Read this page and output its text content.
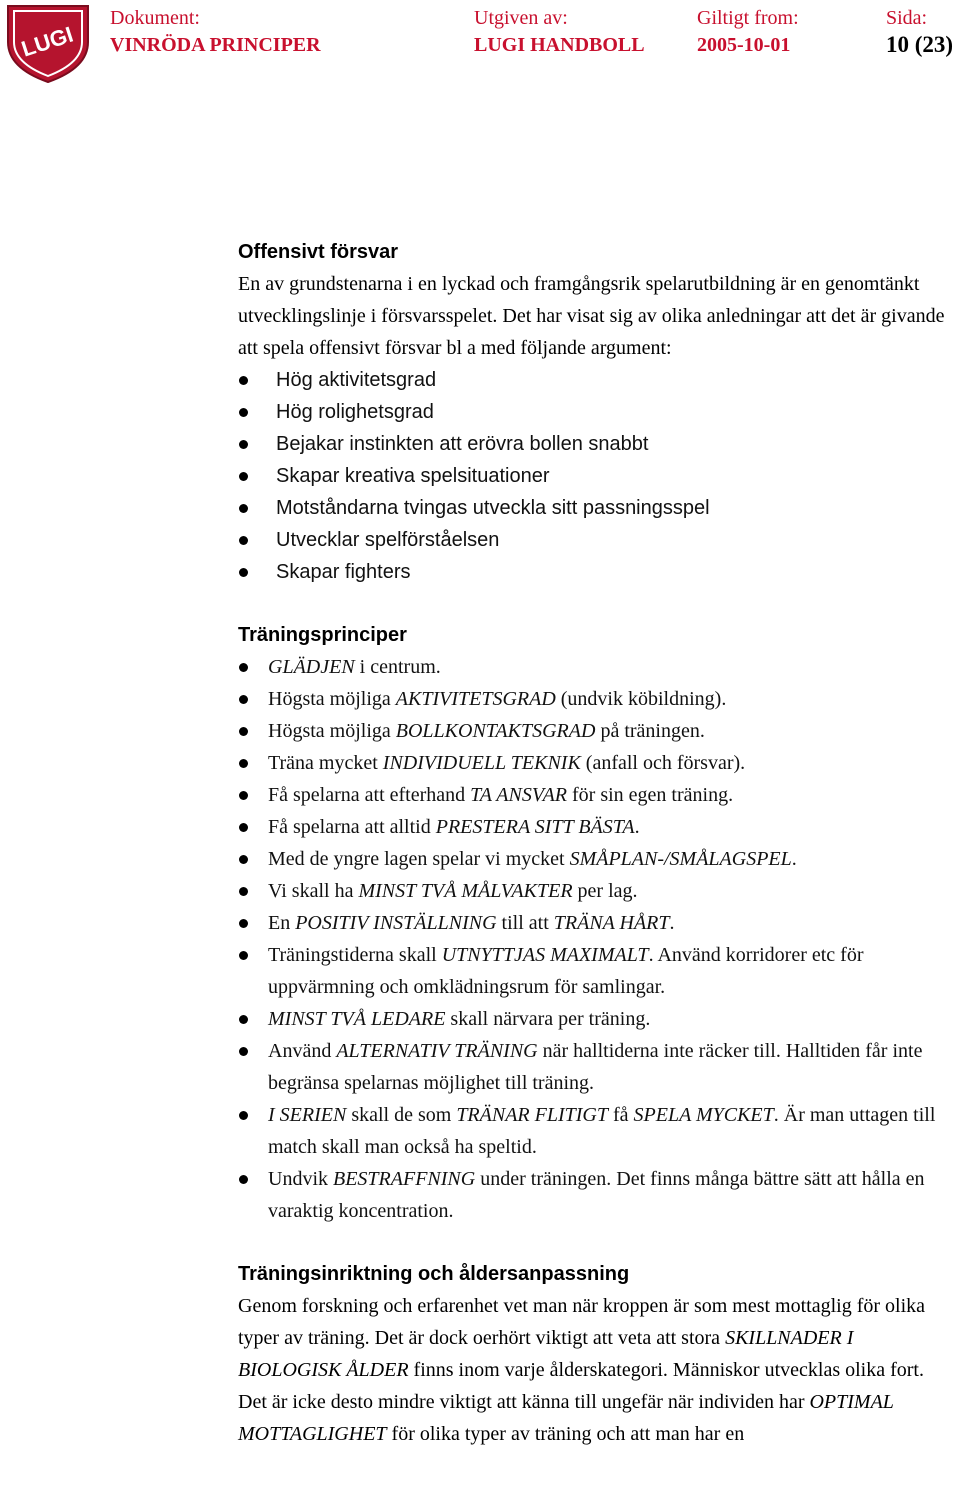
LUGI
Dokument:
VINRÖDA PRINCIPER
Utgiven av:
LUGI HANDBOLL
Giltigt from:
2005-10-01
Sida:
10 (23)
Offensivt försvar

En av grundstenarna i en lyckad och framgångsrik spelarutbildning är en genomtänkt utvecklingslinje i försvarsspelet. Det har visat sig av olika anledningar att det är givande att spela offensivt försvar bl a med följande argument:

Hög aktivitetsgrad
Hög rolighetsgrad
Bejakar instinkten att erövra bollen snabbt
Skapar kreativa spelsituationer
Motståndarna tvingas utveckla sitt passningsspel
Utvecklar spelförståelsen
Skapar fighters
Träningsprinciper
GLÄDJEN i centrum.
Högsta möjliga AKTIVITETSGRAD (undvik köbildning).
Högsta möjliga BOLLKONTAKTSGRAD på träningen.
Träna mycket INDIVIDUELL TEKNIK (anfall och försvar).
Få spelarna att efterhand TA ANSVAR för sin egen träning.
Få spelarna att alltid PRESTERA SITT BÄSTA.
Med de yngre lagen spelar vi mycket SMÅPLAN-/SMÅLAGSPEL.
Vi skall ha MINST TVÅ MÅLVAKTER per lag.
En POSITIV INSTÄLLNING till att TRÄNA HÅRT.
Träningstiderna skall UTNYTTJAS MAXIMALT. Använd korridorer etc för uppvärmning och omklädningsrum för samlingar.
MINST TVÅ LEDARE skall närvara per träning.
Använd ALTERNATIV TRÄNING när halltiderna inte räcker till. Halltiden får inte begränsa spelarnas möjlighet till träning.
I SERIEN skall de som TRÄNAR FLITIGT få SPELA MYCKET. Är man uttagen till match skall man också ha speltid.
Undvik BESTRAFFNING under träningen. Det finns många bättre sätt att hålla en varaktig koncentration.
Träningsinriktning och åldersanpassning

Genom forskning och erfarenhet vet man när kroppen är som mest mottaglig för olika typer av träning. Det är dock oerhört viktigt att veta att stora SKILLNADER I BIOLOGISK ÅLDER finns inom varje ålderskategori. Människor utvecklas olika fort. Det är icke desto mindre viktigt att känna till ungefär när individen har OPTIMAL MOTTAGLIGHET för olika typer av träning och att man har en
